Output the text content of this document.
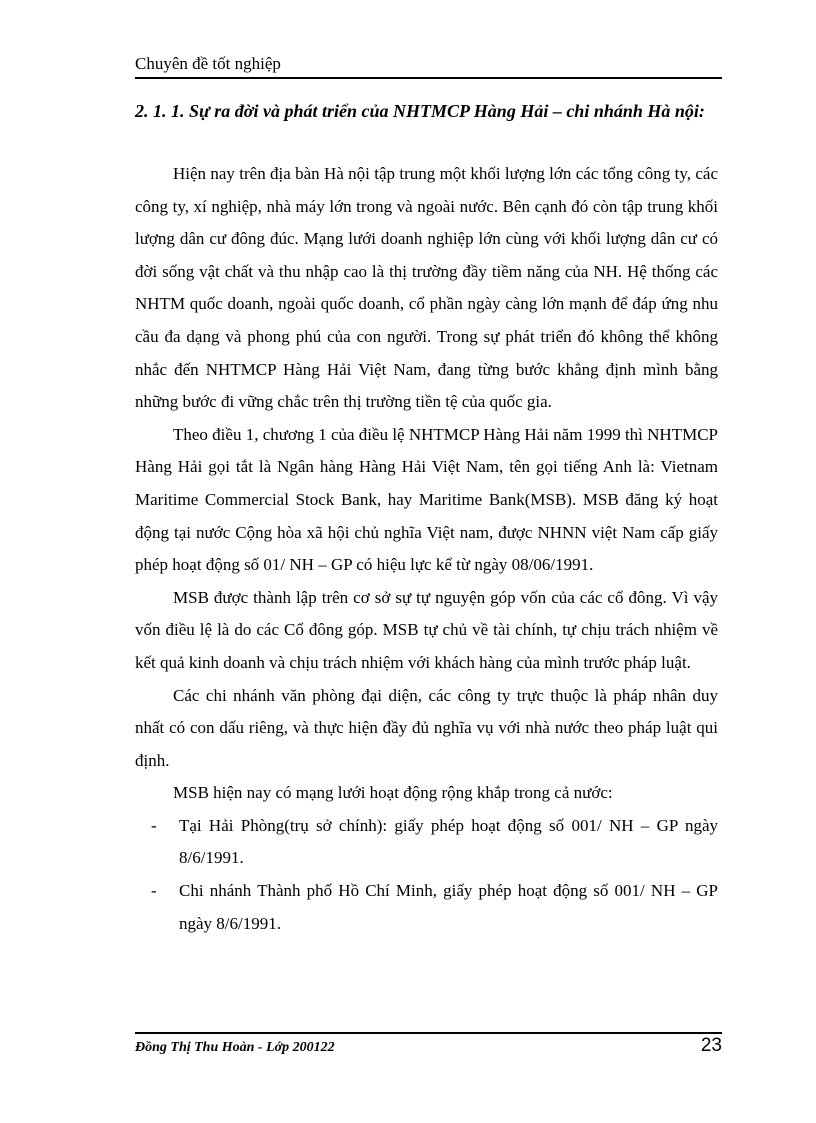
Chuyên đề tốt nghiệp
2. 1. 1. Sự ra đời và phát triển của NHTMCP Hàng Hải – chi nhánh Hà nội:

Hiện nay trên địa bàn Hà nội tập trung một khối lượng lớn các tổng công ty, các công ty, xí nghiệp, nhà máy lớn trong và ngoài nước. Bên cạnh đó còn tập trung khối lượng dân cư đông đúc. Mạng lưới doanh nghiệp lớn cùng với khối lượng dân cư có đời sống vật chất và thu nhập cao là thị trường đầy tiềm năng của NH. Hệ thống các NHTM quốc doanh, ngoài quốc doanh, cổ phần ngày càng lớn mạnh để đáp ứng nhu cầu đa dạng và phong phú của con người. Trong sự phát triển đó không thể không nhắc đến NHTMCP Hàng Hải Việt Nam, đang từng bước khẳng định mình bằng những bước đi vững chắc trên thị trường tiền tệ của quốc gia.

Theo điều 1, chương 1 của điều lệ NHTMCP Hàng Hải năm 1999 thì NHTMCP Hàng Hải gọi tắt là Ngân hàng Hàng Hải Việt Nam, tên gọi tiếng Anh là: Vietnam Maritime Commercial Stock Bank, hay Maritime Bank(MSB). MSB đăng ký hoạt động tại nước Cộng hòa xã hội chủ nghĩa Việt nam, được NHNN việt Nam cấp giấy phép hoạt động số 01/ NH – GP có hiệu lực kể từ ngày 08/06/1991.

MSB được thành lập trên cơ sở sự tự nguyện góp vốn của các cổ đông. Vì vậy vốn điều lệ là do các Cổ đông góp. MSB tự chủ về tài chính, tự chịu trách nhiệm về kết quả kinh doanh và chịu trách nhiệm với khách hàng của mình trước pháp luật.

Các chi nhánh văn phòng đại diện, các công ty trực thuộc là pháp nhân duy nhất có con dấu riêng, và thực hiện đầy đủ nghĩa vụ với nhà nước theo pháp luật qui định.

MSB hiện nay có mạng lưới hoạt động rộng khắp trong cả nước:

- Tại Hải Phòng(trụ sở chính): giấy phép hoạt động số 001/ NH – GP ngày 8/6/1991.
- Chi nhánh Thành phố Hồ Chí Minh, giấy phép hoạt động số 001/ NH – GP ngày 8/6/1991.
Đồng Thị Thu Hoàn - Lớp 200122	23
